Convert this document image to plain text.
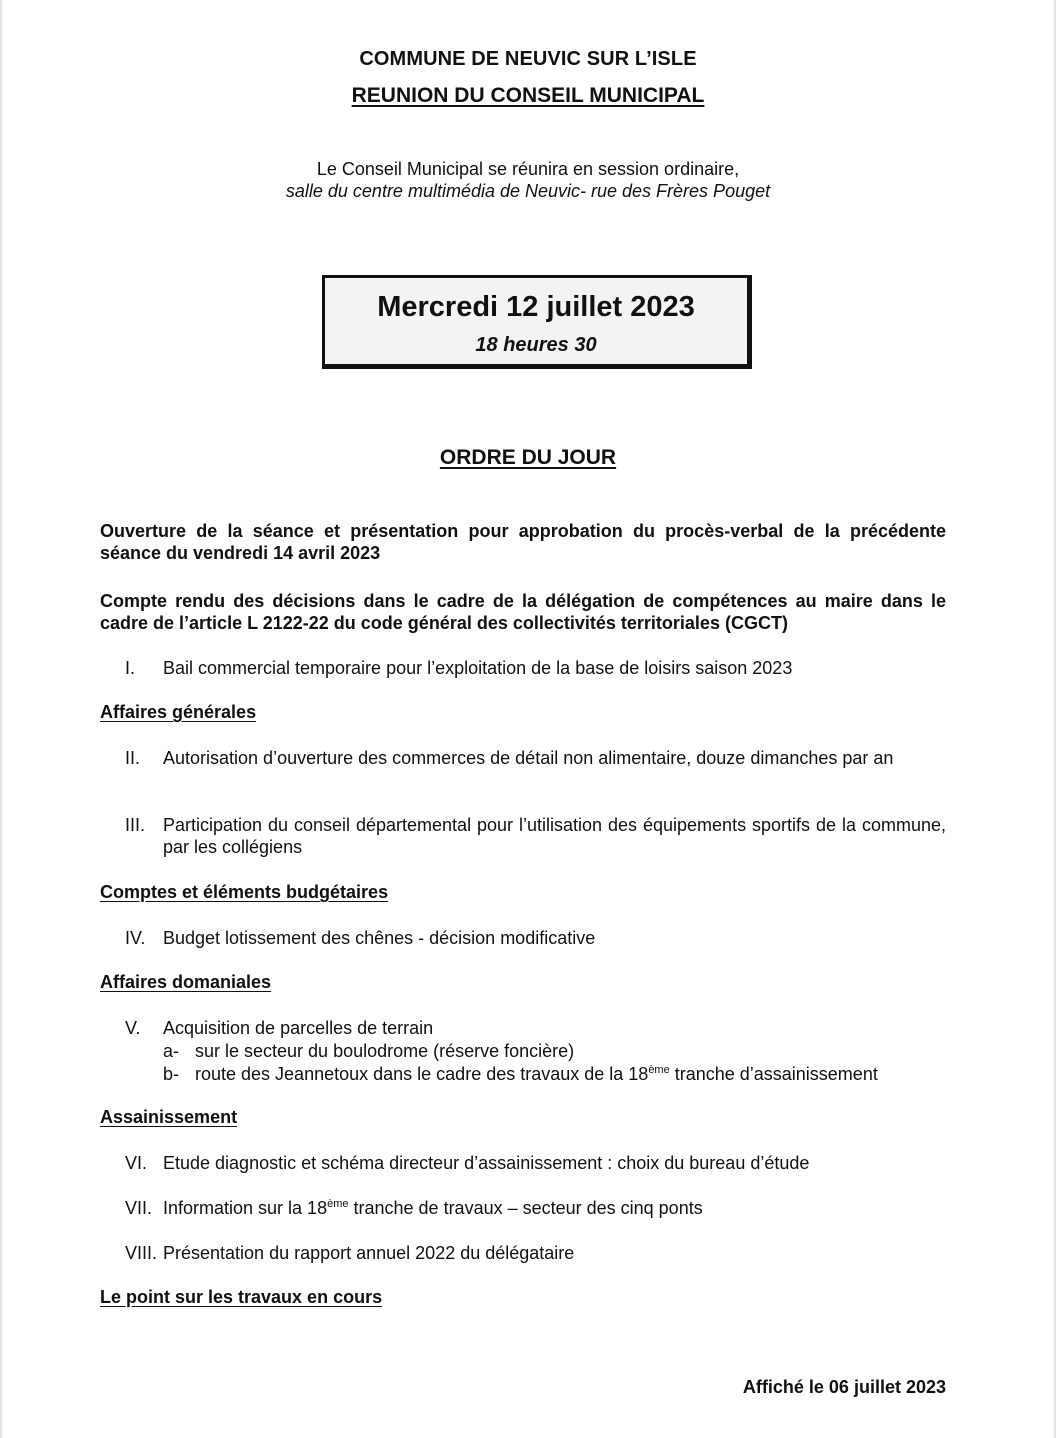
COMMUNE DE NEUVIC SUR L’ISLE
REUNION DU CONSEIL MUNICIPAL
Le Conseil Municipal se réunira en session ordinaire,
salle du centre multimédia de Neuvic- rue des Frères Pouget
Mercredi 12 juillet 2023
18 heures 30
ORDRE DU JOUR
Ouverture de la séance et présentation pour approbation du procès-verbal de la précédente séance du vendredi 14 avril 2023
Compte rendu des décisions dans le cadre de la délégation de compétences au maire dans le cadre de l’article L 2122-22 du code général des collectivités territoriales (CGCT)
I. Bail commercial temporaire pour l’exploitation de la base de loisirs saison 2023
Affaires générales
II. Autorisation d’ouverture des commerces de détail non alimentaire, douze dimanches par an
III. Participation du conseil départemental pour l’utilisation des équipements sportifs de la commune, par les collégiens
Comptes et éléments budgétaires
IV. Budget lotissement des chênes - décision modificative
Affaires domaniales
V. Acquisition de parcelles de terrain
a- sur le secteur du boulodrome (réserve foncière)
b- route des Jeannetoux dans le cadre des travaux de la 18ème tranche d’assainissement
Assainissement
VI. Etude diagnostic et schéma directeur d’assainissement : choix du bureau d’étude
VII. Information sur la 18ème tranche de travaux – secteur des cinq ponts
VIII. Présentation du rapport annuel 2022 du délégataire
Le point sur les travaux en cours
Affiché le 06 juillet 2023
